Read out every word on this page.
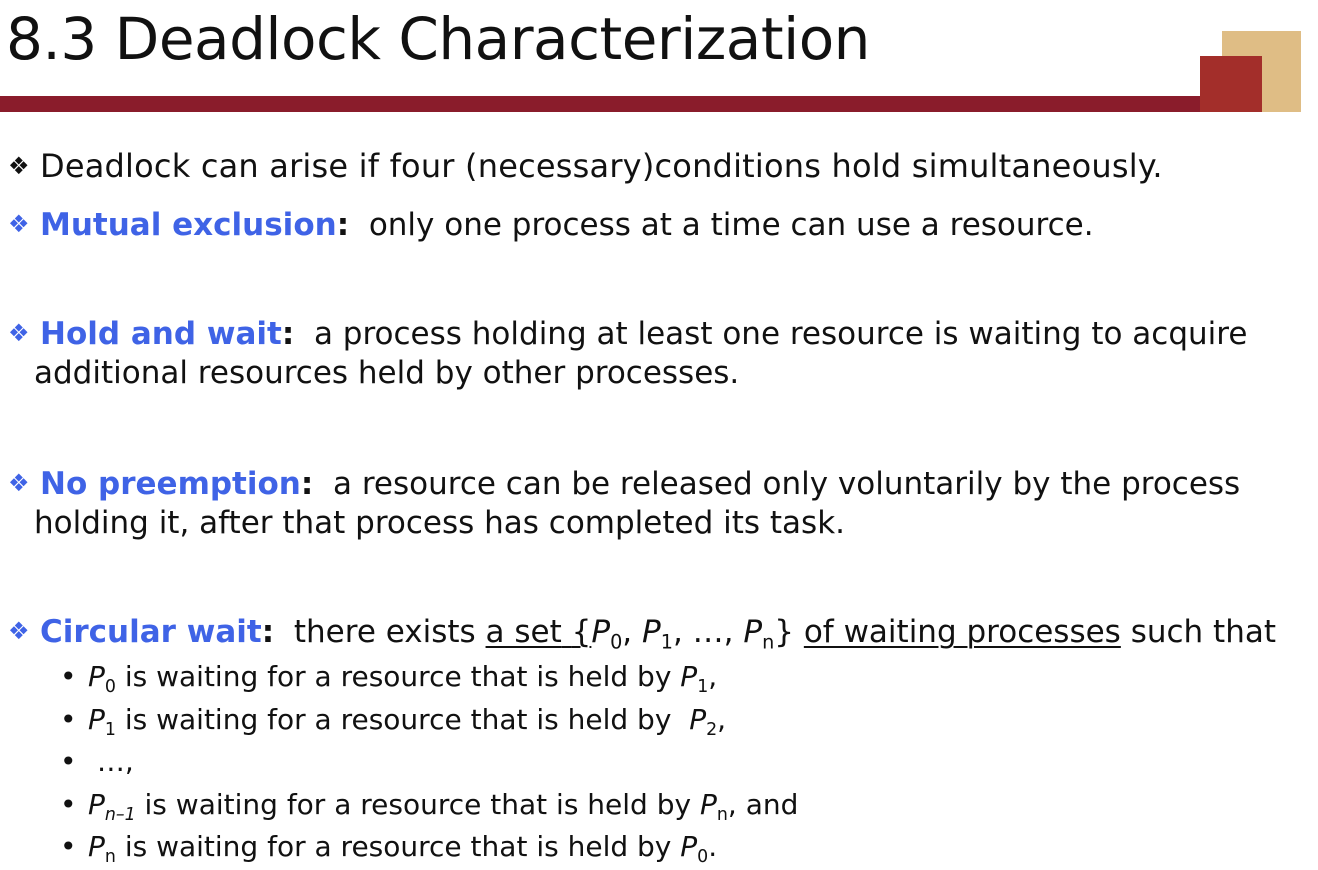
8.3 Deadlock Characterization
❖ Deadlock can arise if four (necessary)conditions hold simultaneously.
❖ Mutual exclusion: only one process at a time can use a resource.
❖ Hold and wait: a process holding at least one resource is waiting to acquire
additional resources held by other processes.
❖ No preemption: a resource can be released only voluntarily by the process
holding it, after that process has completed its task.
❖ Circular wait: there exists a set {$P_0$, $P_1$, …, $P_n$} of waiting processes such that
• $P_0$ is waiting for a resource that is held by $P_1$,
• $P_1$ is waiting for a resource that is held by $P_2$,
• …,
• $P_{n-1}$ is waiting for a resource that is held by $P_n$, and
• $P_n$ is waiting for a resource that is held by $P_0$.
